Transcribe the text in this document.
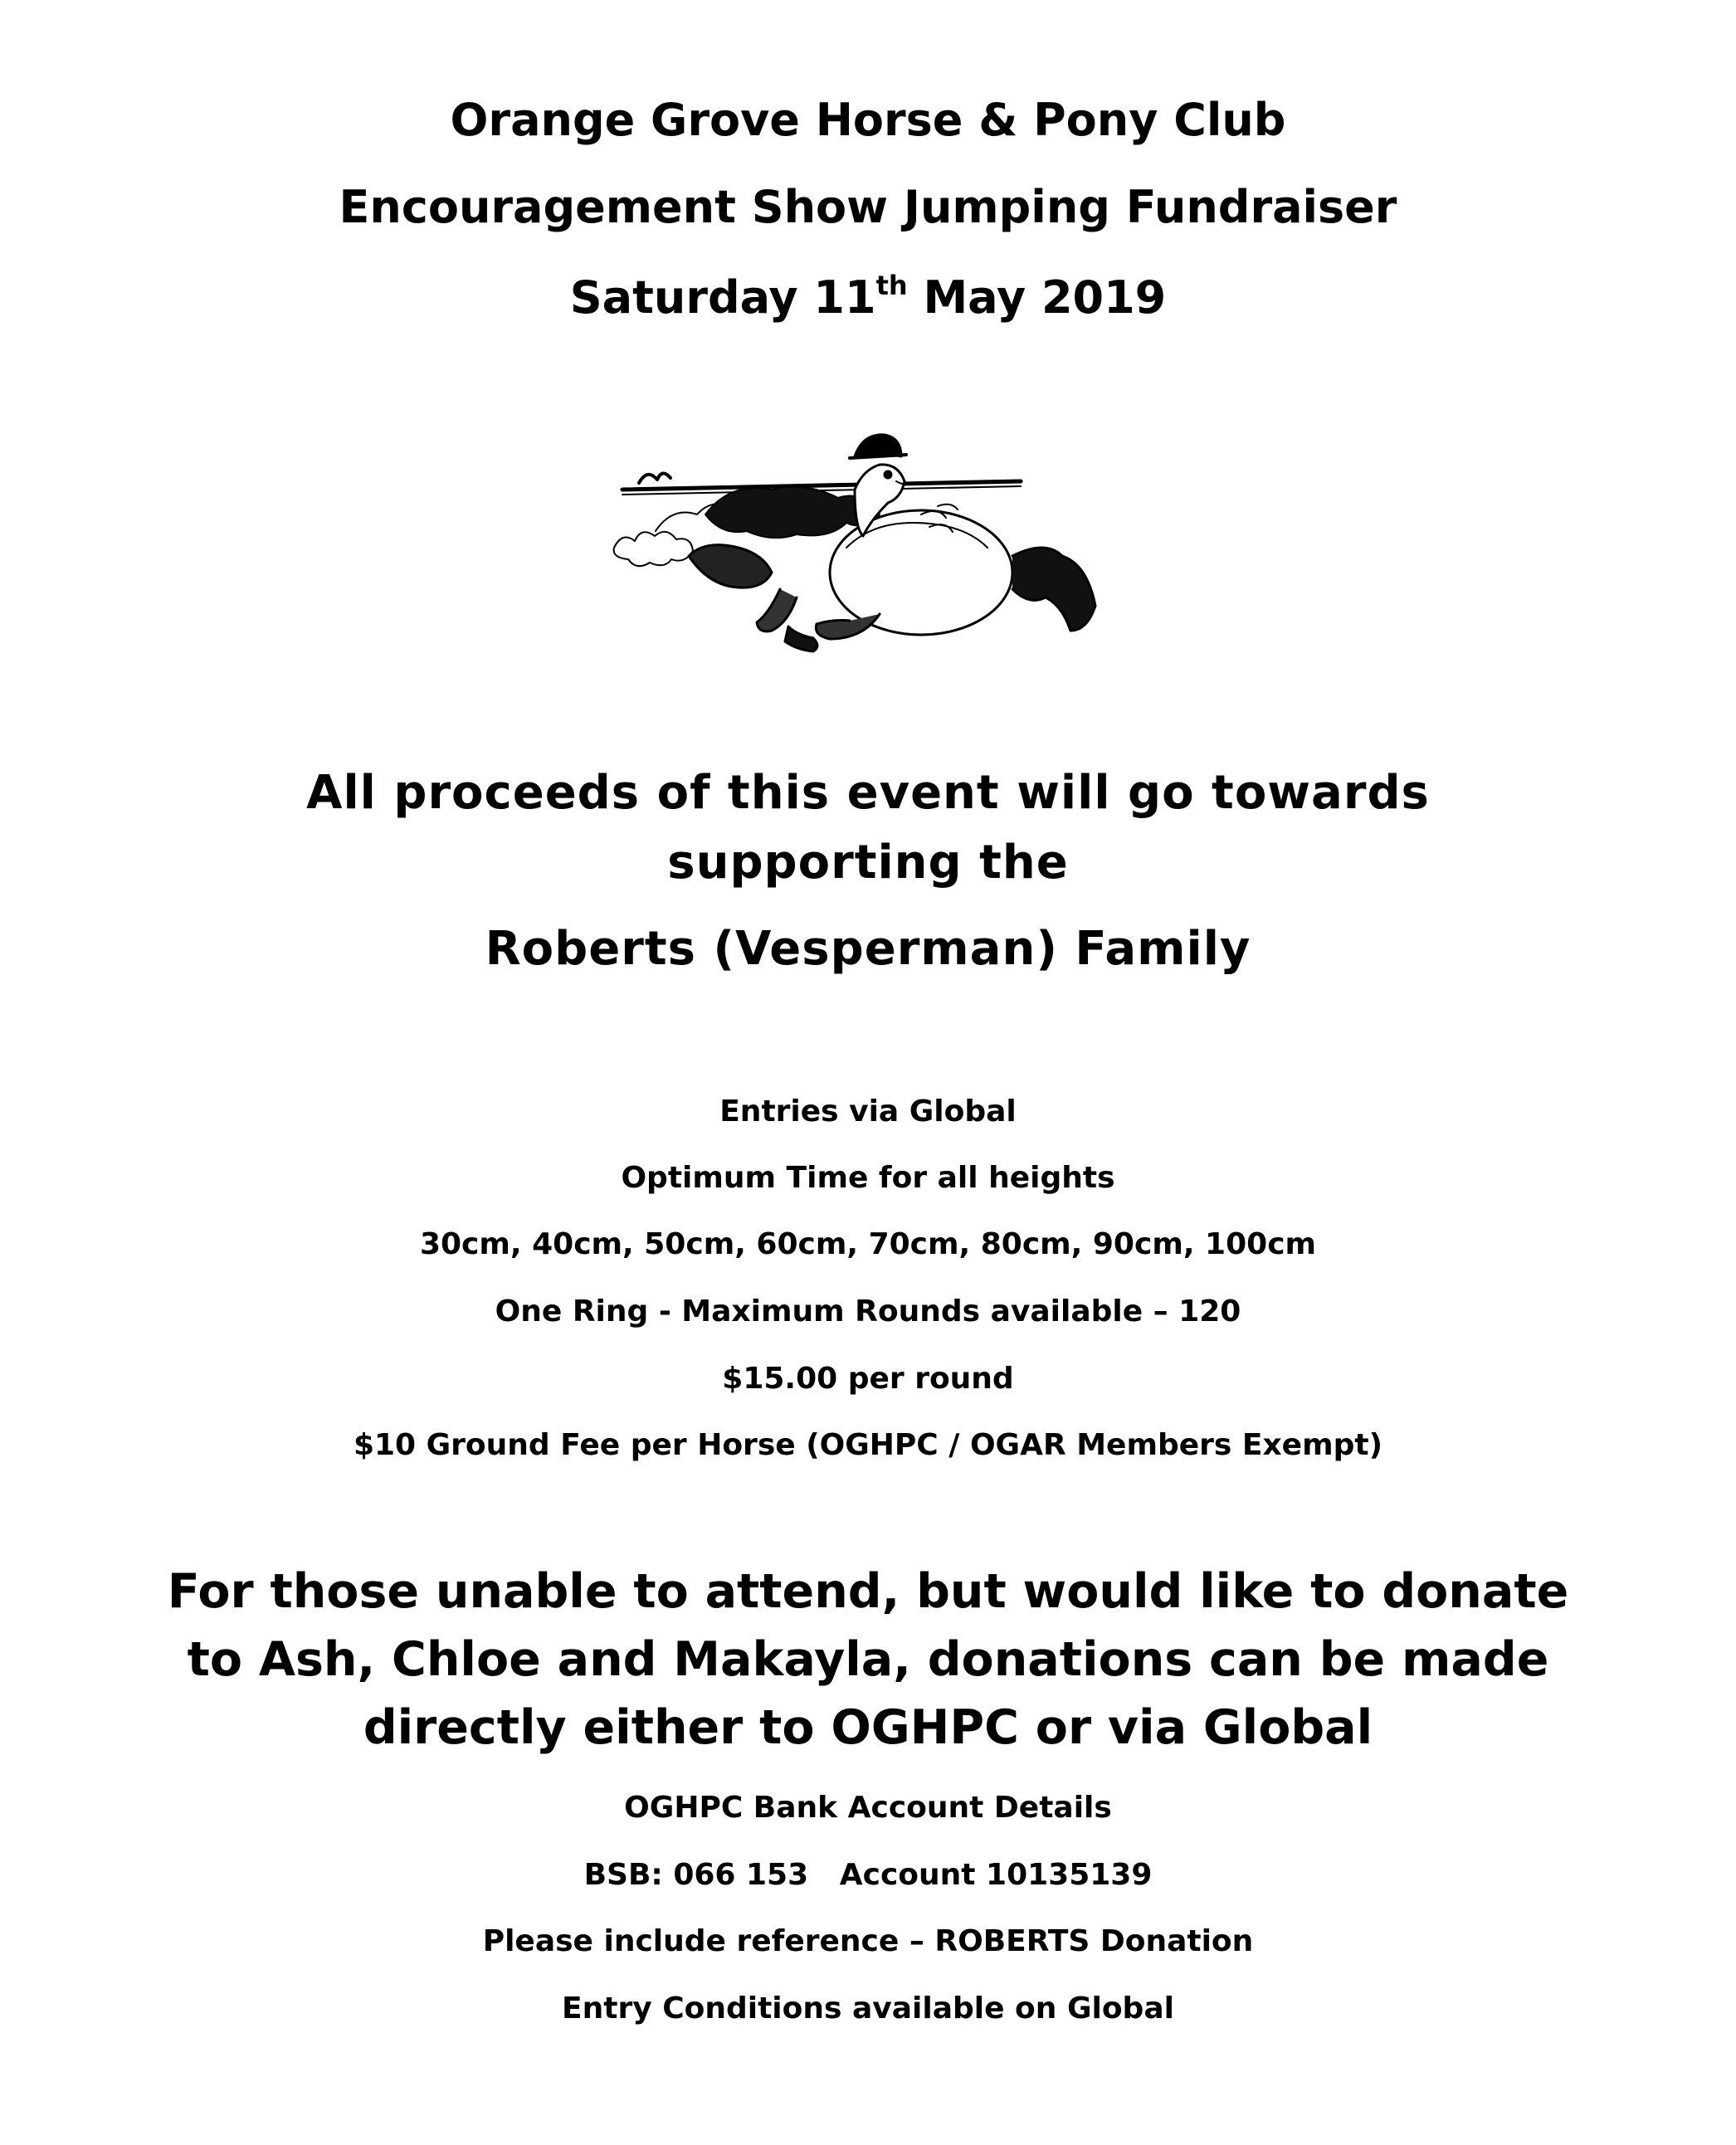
Orange Grove Horse & Pony Club
Encouragement Show Jumping Fundraiser
Saturday 11th May 2019
All proceeds of this event will go towards
supporting the
Roberts (Vesperman) Family
Entries via Global
Optimum Time for all heights
30cm, 40cm, 50cm, 60cm, 70cm, 80cm, 90cm, 100cm
One Ring - Maximum Rounds available – 120
$15.00 per round
$10 Ground Fee per Horse (OGHPC / OGAR Members Exempt)
For those unable to attend, but would like to donate
to Ash, Chloe and Makayla, donations can be made
directly either to OGHPC or via Global
OGHPC Bank Account Details
BSB: 066 153   Account 10135139
Please include reference – ROBERTS Donation
Entry Conditions available on Global
